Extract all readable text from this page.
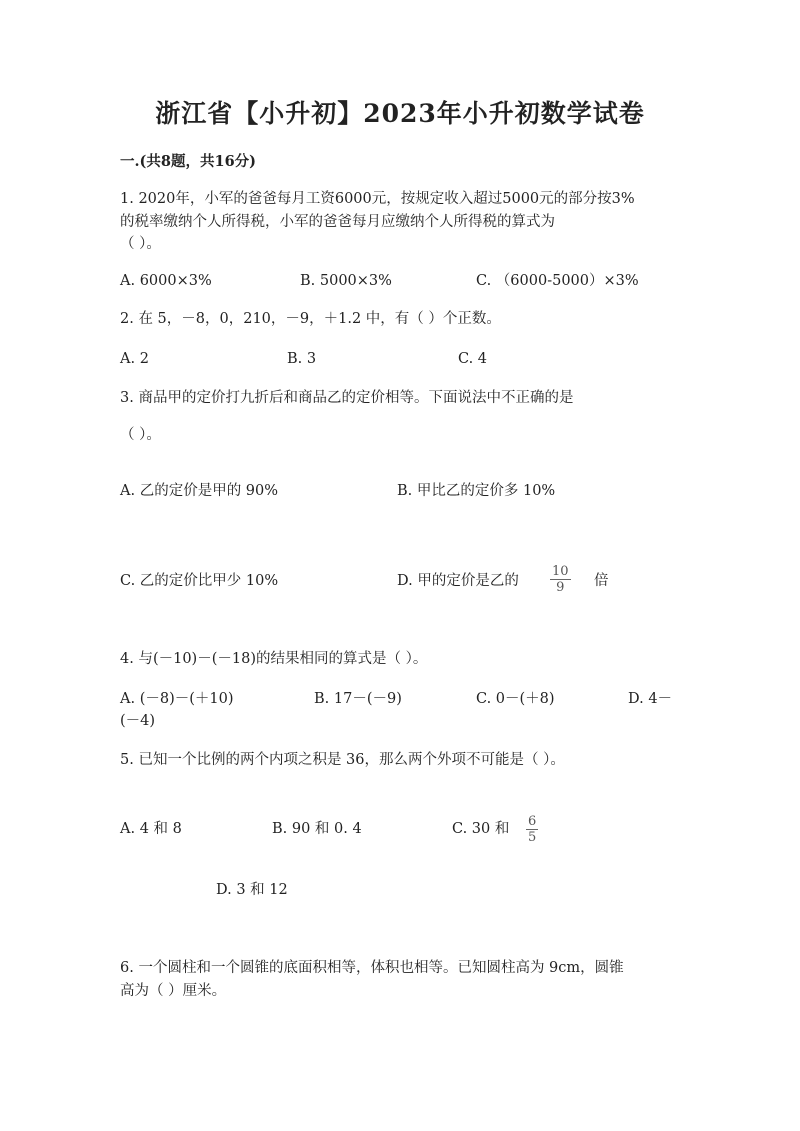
浙江省【小升初】2023年小升初数学试卷
一.(共8题，共16分)
1. 2020年，小军的爸爸每月工资6000元，按规定收入超过5000元的部分按3%
的税率缴纳个人所得税，小军的爸爸每月应缴纳个人所得税的算式为
（ ）。
A. 6000×3%	B. 5000×3%	C. （6000-5000）×3%
2. 在 5，－8，0，210，－9，＋1.2 中，有（ ）个正数。
A. 2	B. 3	C. 4
3. 商品甲的定价打九折后和商品乙的定价相等。下面说法中不正确的是
（ ）。
A. 乙的定价是甲的 90%	B. 甲比乙的定价多 10%
C. 乙的定价比甲少 10%	D. 甲的定价是乙的 $\frac{10}{9}$ 倍
4. 与(－10)－(－18)的结果相同的算式是（ ）。
A. (－8)－(＋10)	B. 17－(－9)	C. 0－(＋8)	D. 4－
(－4)
5. 已知一个比例的两个内项之积是 36，那么两个外项不可能是（ ）。
A. 4 和 8	B. 90 和 0. 4	C. 30 和 $\frac{6}{5}$
D. 3 和 12
6. 一个圆柱和一个圆锥的底面积相等，体积也相等。已知圆柱高为 9cm，圆锥
高为（ ）厘米。
